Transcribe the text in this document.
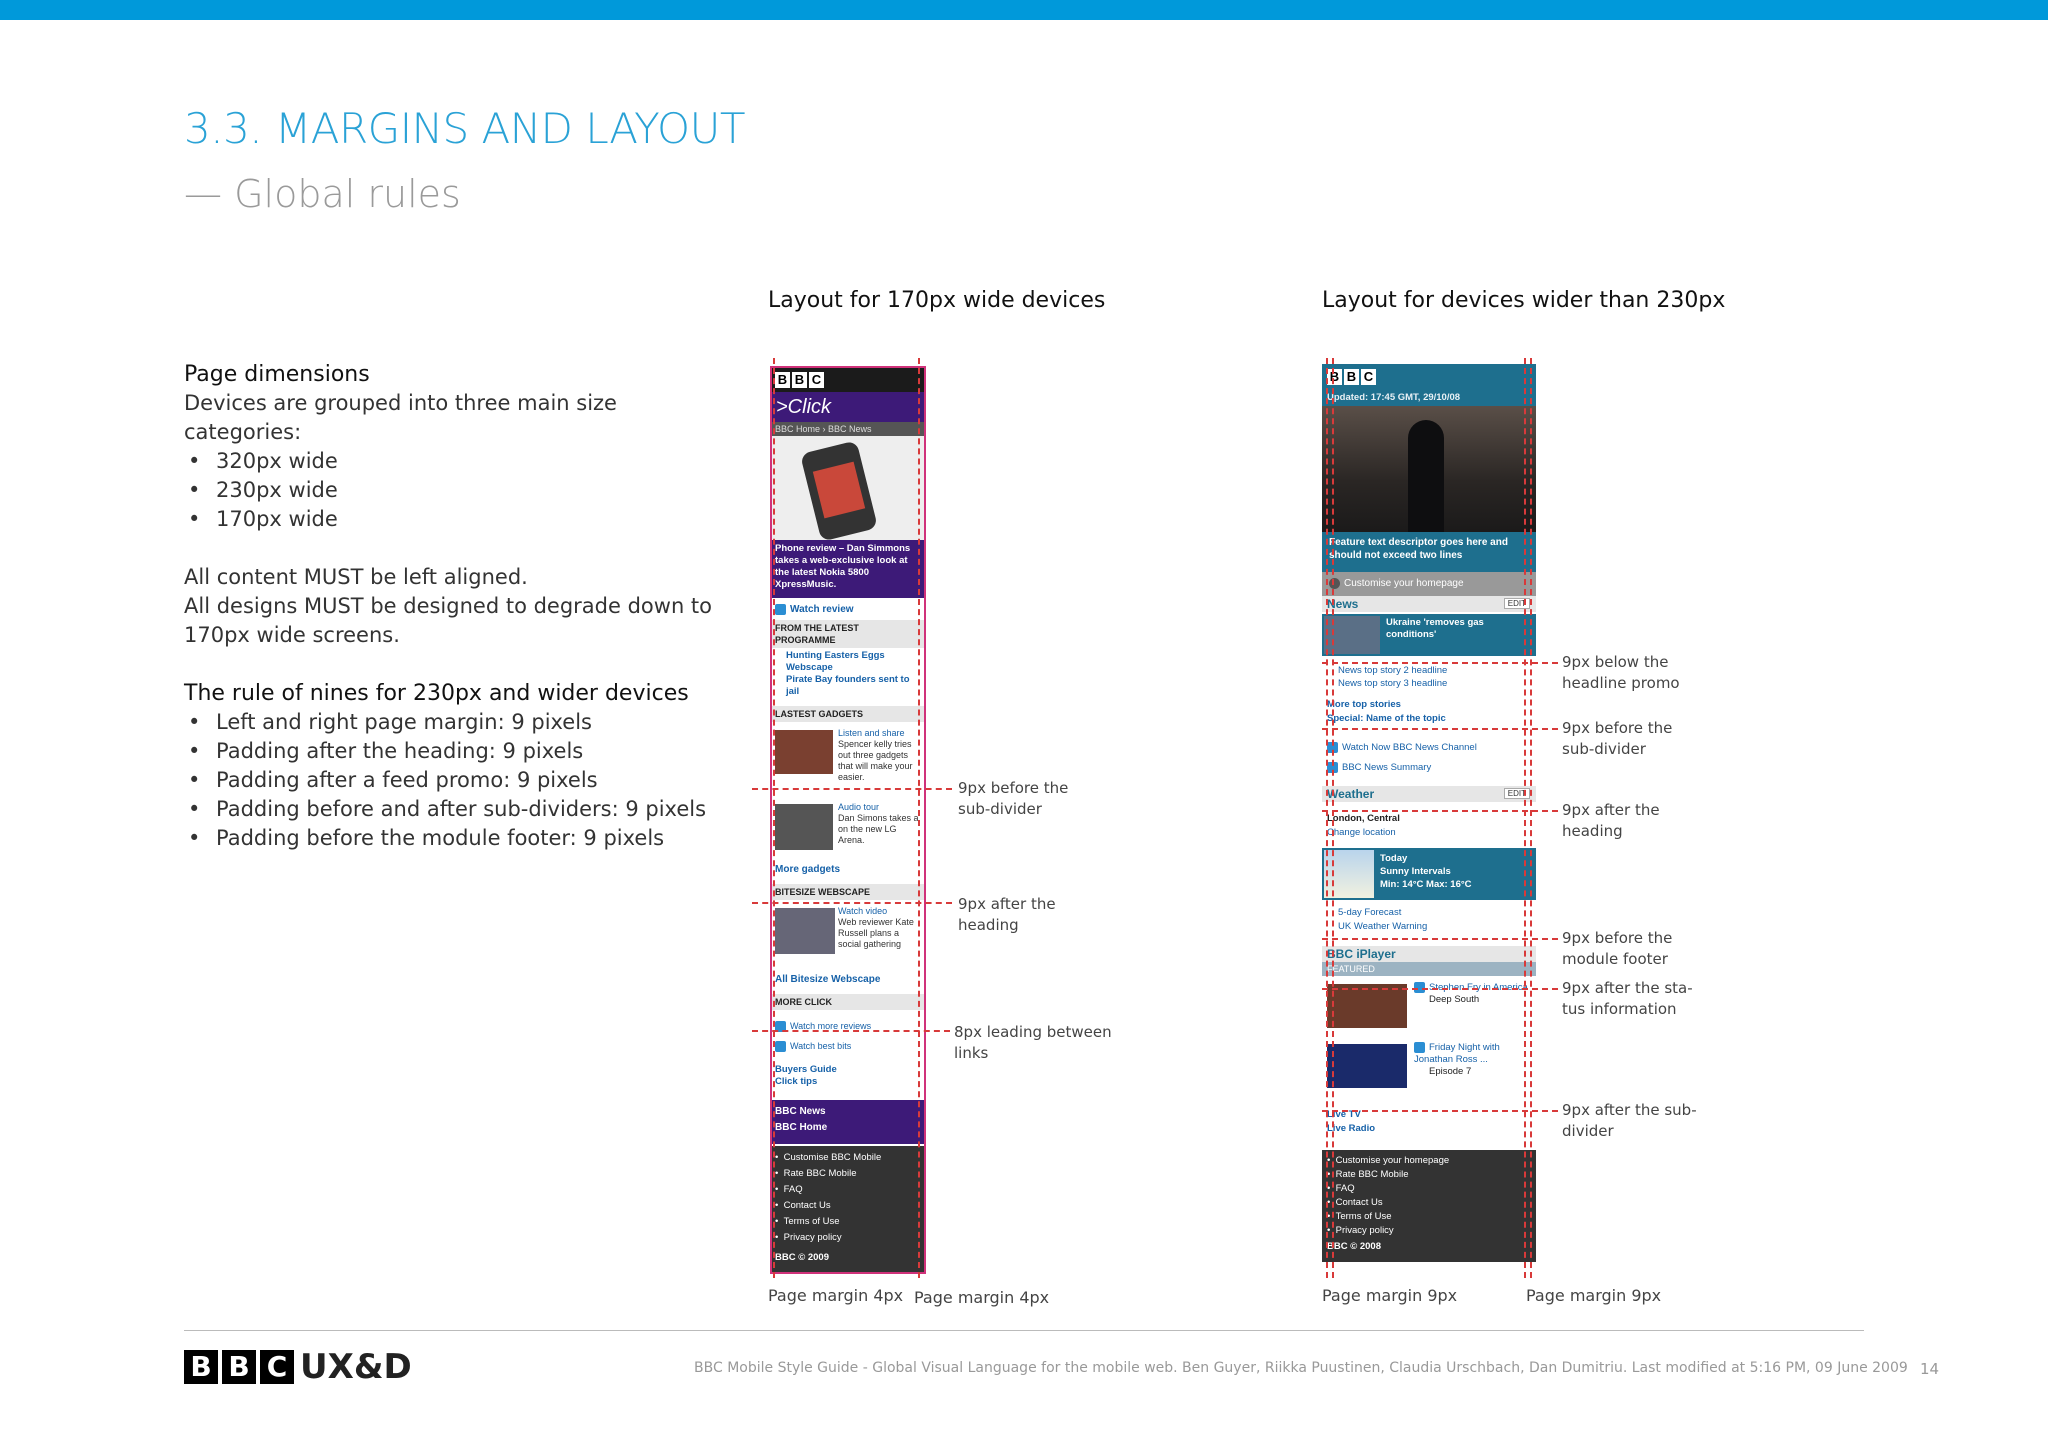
3.3. MARGINS AND LAYOUT
— Global rules
Layout for 170px wide devices	Layout for devices wider than 230px
Page dimensions
Devices are grouped into three main size categories:
• 320px wide
• 230px wide
• 170px wide
All content MUST be left aligned.
All designs MUST be designed to degrade down to 170px wide screens.
The rule of nines for 230px and wider devices
• Left and right page margin: 9 pixels
• Padding after the heading: 9 pixels
• Padding after a feed promo: 9 pixels
• Padding before and after sub-dividers: 9 pixels
• Padding before the module footer: 9 pixels
B B C
>Click
BBC Home › BBC News
Phone review – Dan Simmons takes a web-exclusive look at the latest Nokia 5800 XpressMusic.
Watch review
FROM THE LATEST PROGRAMME
Hunting Easters Eggs
Webscape
Pirate Bay founders sent to jail
LASTEST GADGETS
Listen and share
Spencer kelly tries out three gadgets that will make your easier.
Audio tour
Dan Simons takes a on the new LG Arena.
More gadgets
BITESIZE WEBSCAPE
Watch video
Web reviewer Kate Russell plans a social gathering
All Bitesize Webscape
MORE CLICK
Watch more reviews
Watch best bits
Buyers Guide
Click tips
BBC News
BBC Home
•  Customise BBC Mobile
•  Rate BBC Mobile
•  FAQ
•  Contact Us
•  Terms of Use
•  Privacy policy
BBC © 2009
9px before the sub-divider
9px after the heading
8px leading between links
Page margin 4px Page margin 4px
B B C
Updated: 17:45 GMT, 29/10/08
Feature text descriptor goes here and should not exceed two lines
Customise your homepage
News	EDIT
Ukraine 'removes gas conditions'
News top story 2 headline
News top story 3 headline
More top stories
Special: Name of the topic
Watch Now BBC News Channel
BBC News Summary
Weather	EDIT
London, Central
Change location
Today
Sunny Intervals
Min: 14°C Max: 16°C
5-day Forecast
UK Weather Warning
BBC iPlayer
FEATURED
Stephen Fry in America
Deep South
Friday Night with Jonathan Ross ...
Episode 7
Live TV
Live Radio
•  Customise your homepage
•  Rate BBC Mobile
•  FAQ
•  Contact Us
•  Terms of Use
•  Privacy policy
BBC © 2008
9px below the headline promo
9px before the sub-divider
9px after the heading
9px before the module footer
9px after the sta-tus information
9px after the sub-divider
Page margin 9px	Page margin 9px
B B C UX&D	BBC Mobile Style Guide - Global Visual Language for the mobile web. Ben Guyer, Riikka Puustinen, Claudia Urschbach, Dan Dumitriu. Last modified at 5:16 PM, 09 June 2009 14
